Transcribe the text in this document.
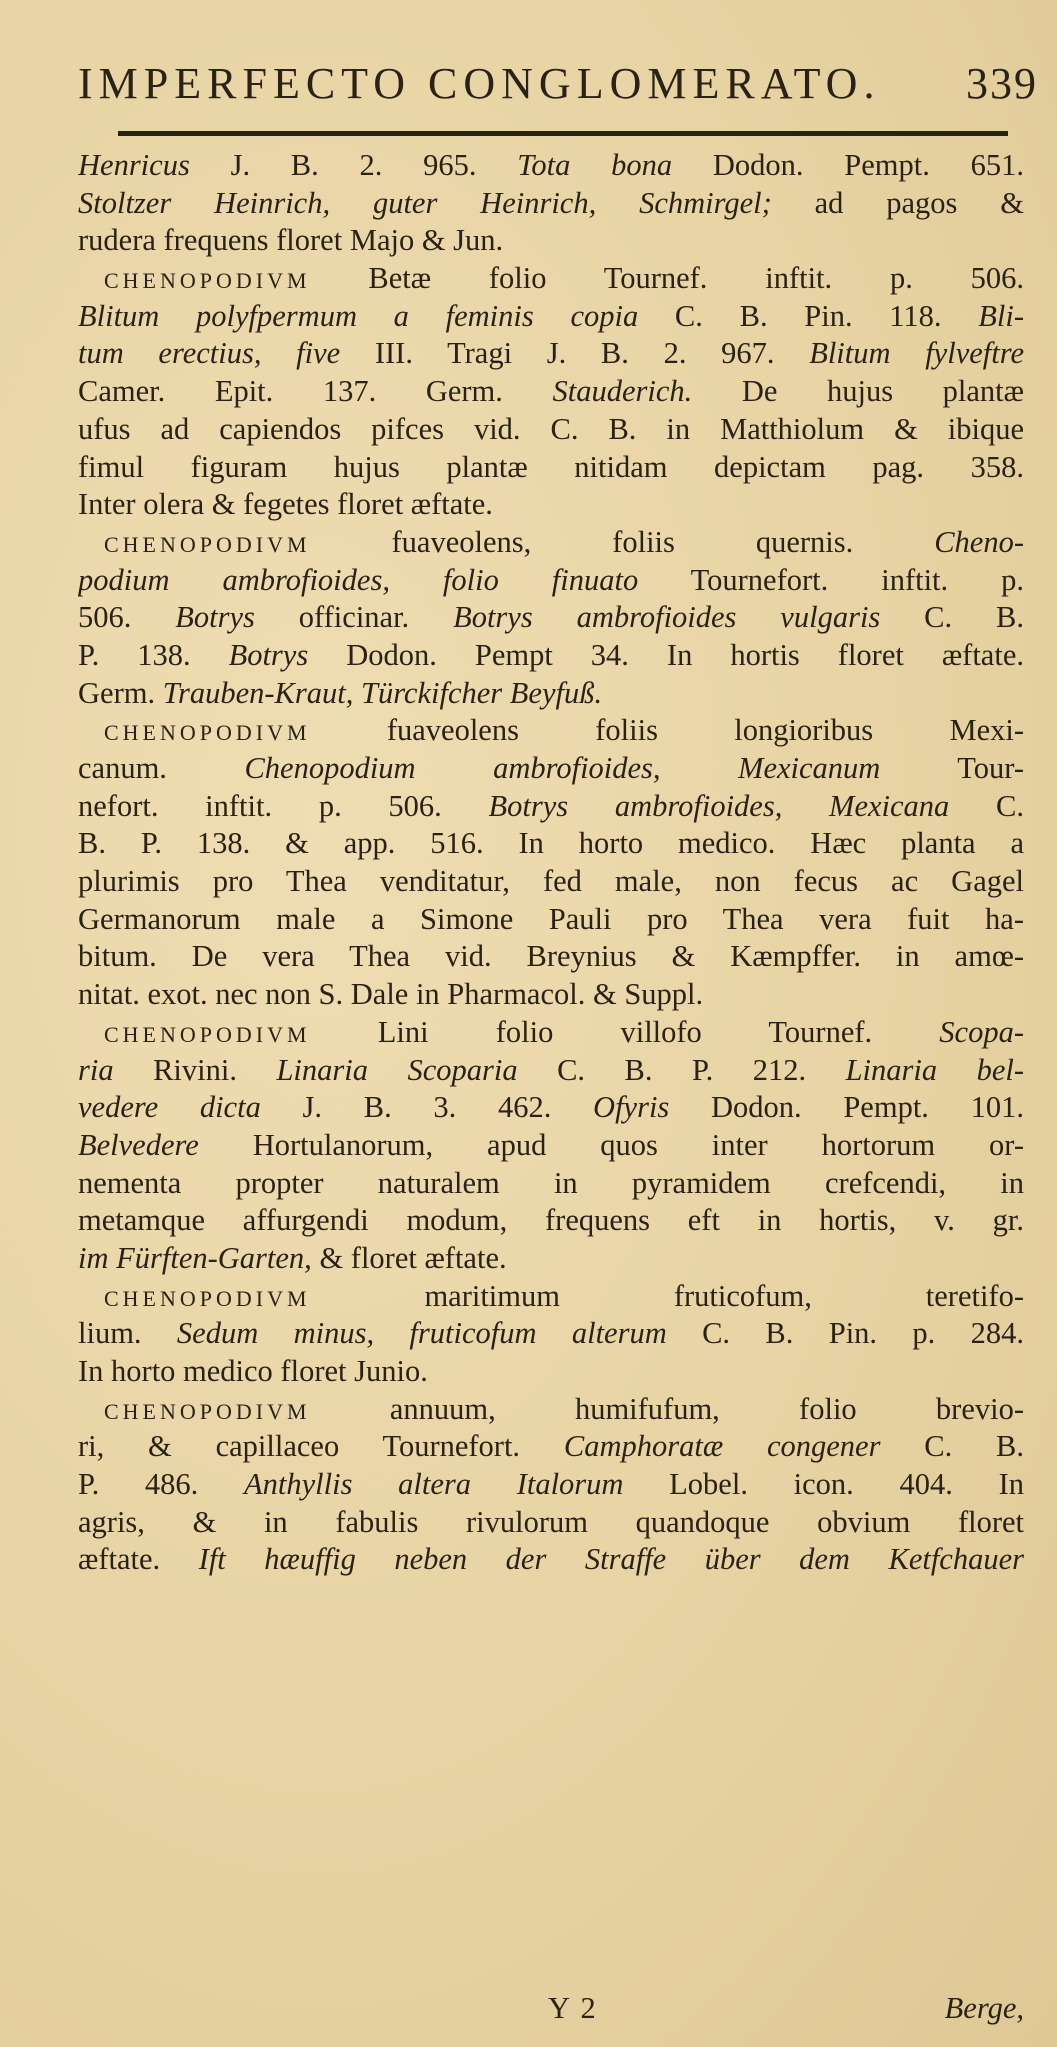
IMPERFECTO CONGLOMERATO. 339
Henricus J. B. 2. 965. Tota bona Dodon. Pempt. 651.
Stoltzer Heinrich, guter Heinrich, Schmirgel; ad pagos &
rudera frequens floret Majo & Jun.
CHENOPODIVM Betæ folio Tournef. inftit. p. 506.
Blitum polyfpermum a feminis copia C. B. Pin. 118. Bli-
tum erectius, five III. Tragi J. B. 2. 967. Blitum fylveftre
Camer. Epit. 137. Germ. Stauderich. De hujus plantæ
ufus ad capiendos pifces vid. C. B. in Matthiolum & ibique
fimul figuram hujus plantæ nitidam depictam pag. 358.
Inter olera & fegetes floret æftate.
CHENOPODIVM fuaveolens, foliis quernis. Cheno-
podium ambrofioides, folio finuato Tournefort. inftit. p.
506. Botrys officinar. Botrys ambrofioides vulgaris C. B.
P. 138. Botrys Dodon. Pempt 34. In hortis floret æftate.
Germ. Trauben-Kraut, Türckifcher Beyfuß.
CHENOPODIVM fuaveolens foliis longioribus Mexi-
canum. Chenopodium ambrofioides, Mexicanum Tour-
nefort. inftit. p. 506. Botrys ambrofioides, Mexicana C.
B. P. 138. & app. 516. In horto medico. Hæc planta a
plurimis pro Thea venditatur, fed male, non fecus ac Gagel
Germanorum male a Simone Pauli pro Thea vera fuit ha-
bitum. De vera Thea vid. Breynius & Kæmpffer. in amœ-
nitat. exot. nec non S. Dale in Pharmacol. & Suppl.
CHENOPODIVM Lini folio villofo Tournef. Scopa-
ria Rivini. Linaria Scoparia C. B. P. 212. Linaria bel-
vedere dicta J. B. 3. 462. Ofyris Dodon. Pempt. 101.
Belvedere Hortulanorum, apud quos inter hortorum or-
nementa propter naturalem in pyramidem crefcendi, in
metamque affurgendi modum, frequens eft in hortis, v. gr.
im Fürften-Garten, & floret æftate.
CHENOPODIVM maritimum fruticofum, teretifo-
lium. Sedum minus, fruticofum alterum C. B. Pin. p. 284.
In horto medico floret Junio.
CHENOPODIVM annuum, humifufum, folio brevio-
ri, & capillaceo Tournefort. Camphoratæ congener C. B.
P. 486. Anthyllis altera Italorum Lobel. icon. 404. In
agris, & in fabulis rivulorum quandoque obvium floret
æftate. Ift hæuffig neben der Straffe über dem Ketfchauer
Y 2	Berge,
